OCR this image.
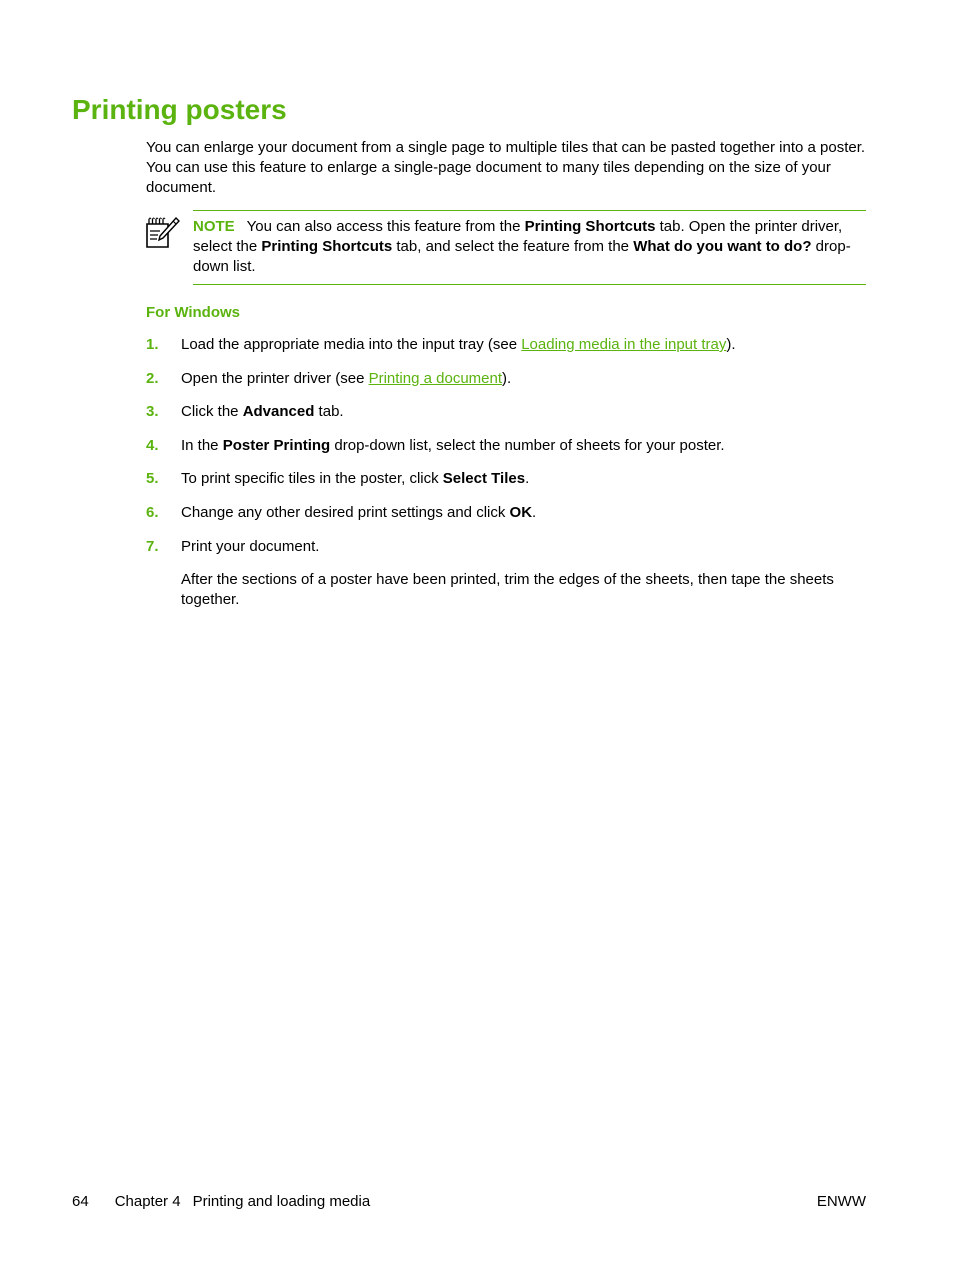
Printing posters

You can enlarge your document from a single page to multiple tiles that can be pasted together into a poster. You can use this feature to enlarge a single-page document to many tiles depending on the size of your document.

NOTE You can also access this feature from the Printing Shortcuts tab. Open the printer driver, select the Printing Shortcuts tab, and select the feature from the What do you want to do? drop-down list.

For Windows
1. Load the appropriate media into the input tray (see Loading media in the input tray).
2. Open the printer driver (see Printing a document).
3. Click the Advanced tab.
4. In the Poster Printing drop-down list, select the number of sheets for your poster.
5. To print specific tiles in the poster, click Select Tiles.
6. Change any other desired print settings and click OK.
7. Print your document.
After the sections of a poster have been printed, trim the edges of the sheets, then tape the sheets together.
64 Chapter 4 Printing and loading media	ENWW
